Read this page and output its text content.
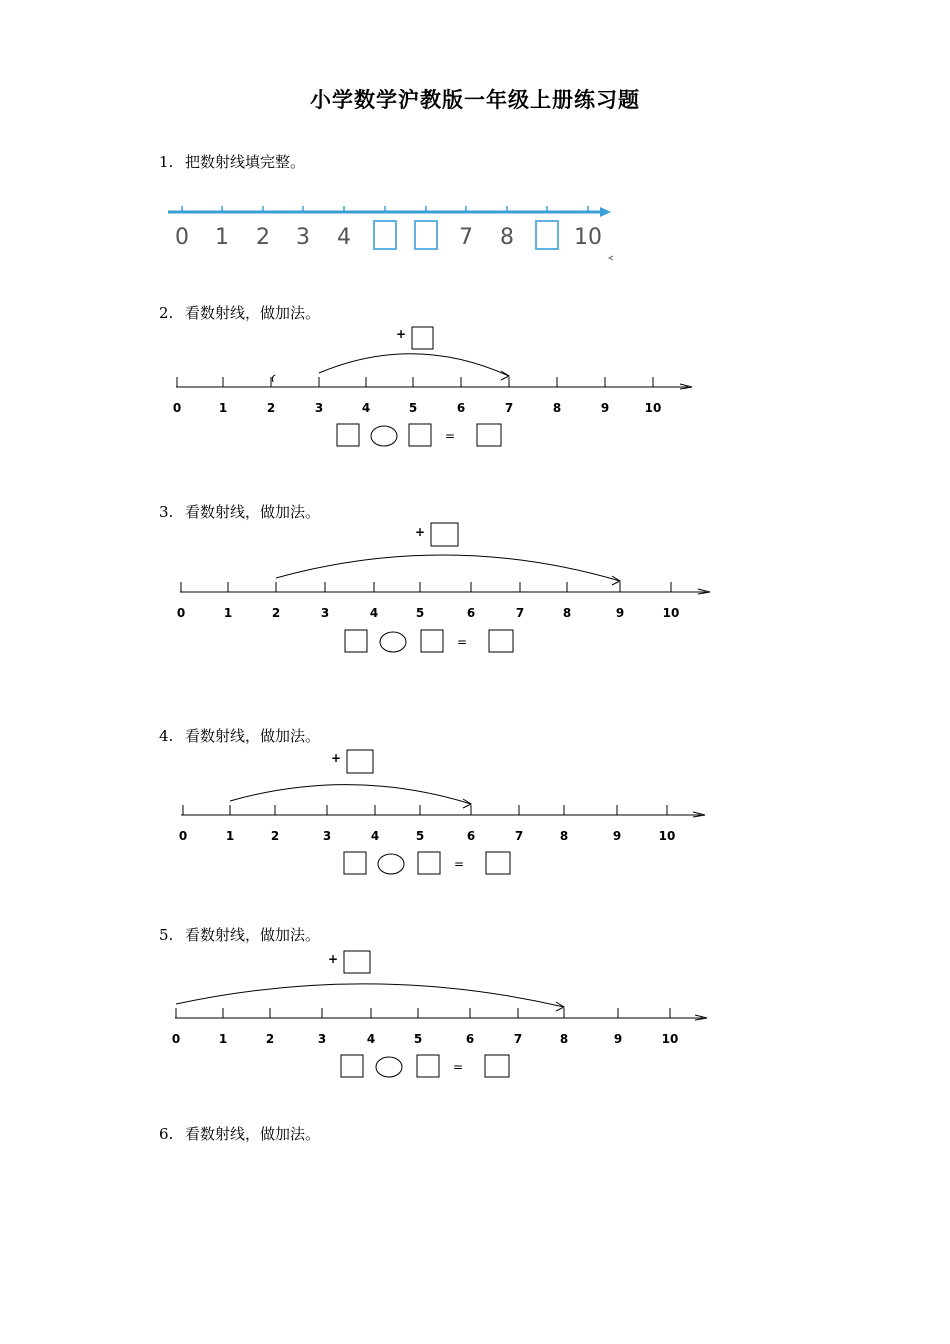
小学数学沪教版一年级上册练习题
1. 把数射线填完整。
2. 看数射线，做加法。
3. 看数射线，做加法。
4. 看数射线，做加法。
5. 看数射线，做加法。
6. 看数射线，做加法。
0 1 2 3 4	7 8	10
0	1	2	3	4	5	6	7	8	9	10
+
=
0	1	2	3	4	5	6	7	8	9	10
+
=
0	1	2	3	4	5	6	7	8	9	10
+
=
0	1	2	3	4	5	6	7	8	9	10
+
=
